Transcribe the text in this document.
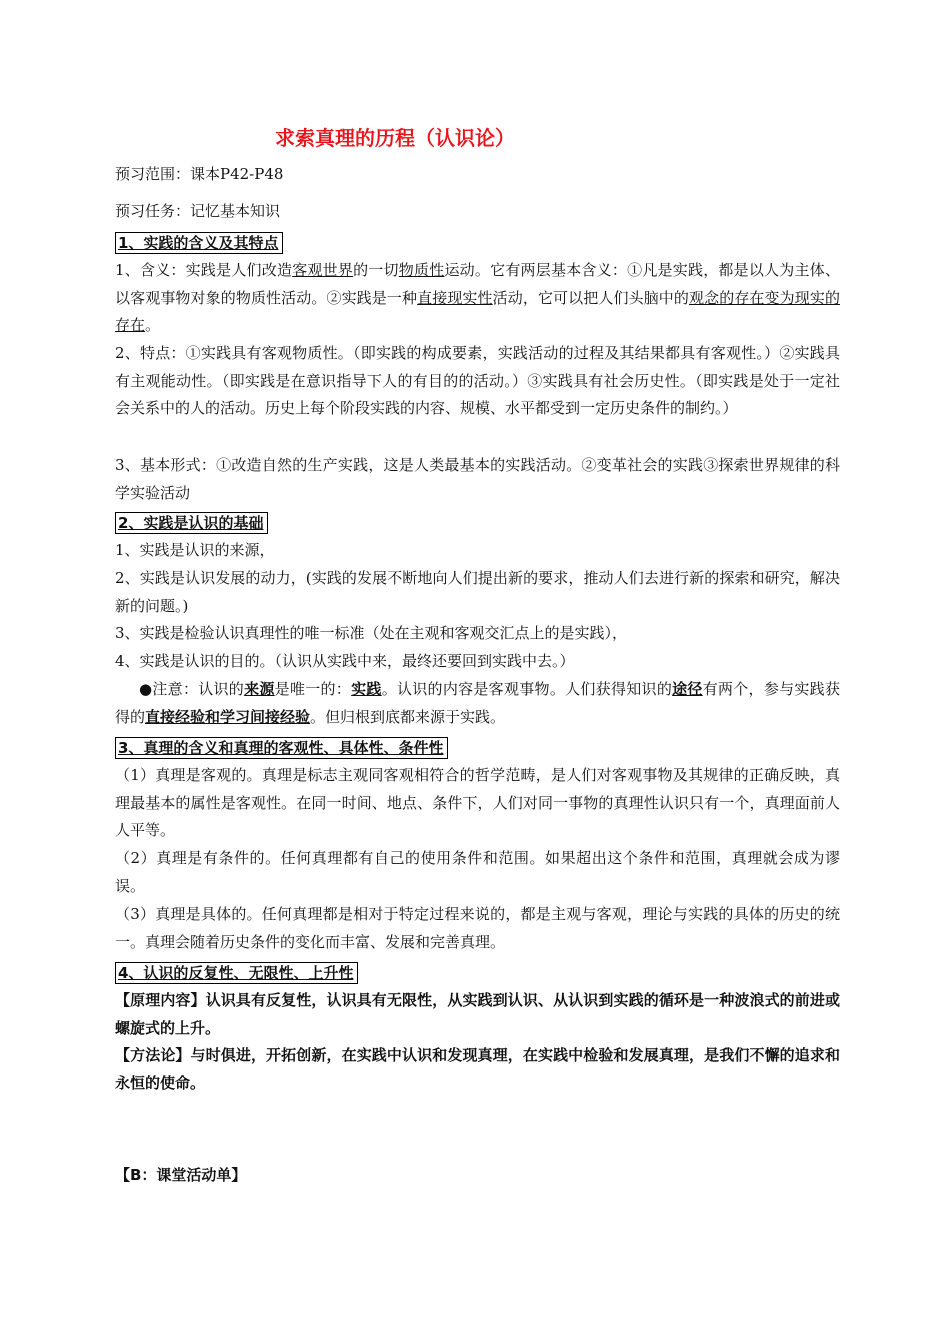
求索真理的历程（认识论）
预习范围：课本P42-P48
预习任务：记忆基本知识
1、实践的含义及其特点
1、含义：实践是人们改造客观世界的一切物质性运动。它有两层基本含义：①凡是实践，都是以人为主体、以客观事物对象的物质性活动。②实践是一种直接现实性活动，它可以把人们头脑中的观念的存在变为现实的存在。
2、特点：①实践具有客观物质性。（即实践的构成要素，实践活动的过程及其结果都具有客观性。）②实践具有主观能动性。（即实践是在意识指导下人的有目的的活动。）③实践具有社会历史性。（即实践是处于一定社会关系中的人的活动。历史上每个阶段实践的内容、规模、水平都受到一定历史条件的制约。）
3、基本形式：①改造自然的生产实践，这是人类最基本的实践活动。②变革社会的实践③探索世界规律的科学实验活动
2、实践是认识的基础
1、实践是认识的来源，
2、实践是认识发展的动力，(实践的发展不断地向人们提出新的要求，推动人们去进行新的探索和研究，解决新的问题。)
3、实践是检验认识真理性的唯一标准（处在主观和客观交汇点上的是实践），
4、实践是认识的目的。（认识从实践中来，最终还要回到实践中去。）
●注意：认识的来源是唯一的：实践。认识的内容是客观事物。人们获得知识的途径有两个，参与实践获得的直接经验和学习间接经验。但归根到底都来源于实践。
3、真理的含义和真理的客观性、具体性、条件性
（1）真理是客观的。真理是标志主观同客观相符合的哲学范畴，是人们对客观事物及其规律的正确反映，真理最基本的属性是客观性。在同一时间、地点、条件下，人们对同一事物的真理性认识只有一个，真理面前人人平等。
（2）真理是有条件的。任何真理都有自己的使用条件和范围。如果超出这个条件和范围，真理就会成为谬误。
（3）真理是具体的。任何真理都是相对于特定过程来说的，都是主观与客观，理论与实践的具体的历史的统一。真理会随着历史条件的变化而丰富、发展和完善真理。
4、认识的反复性、无限性、上升性
【原理内容】认识具有反复性，认识具有无限性，从实践到认识、从认识到实践的循环是一种波浪式的前进或螺旋式的上升。
【方法论】与时俱进，开拓创新，在实践中认识和发现真理，在实践中检验和发展真理，是我们不懈的追求和永恒的使命。
【B：课堂活动单】
